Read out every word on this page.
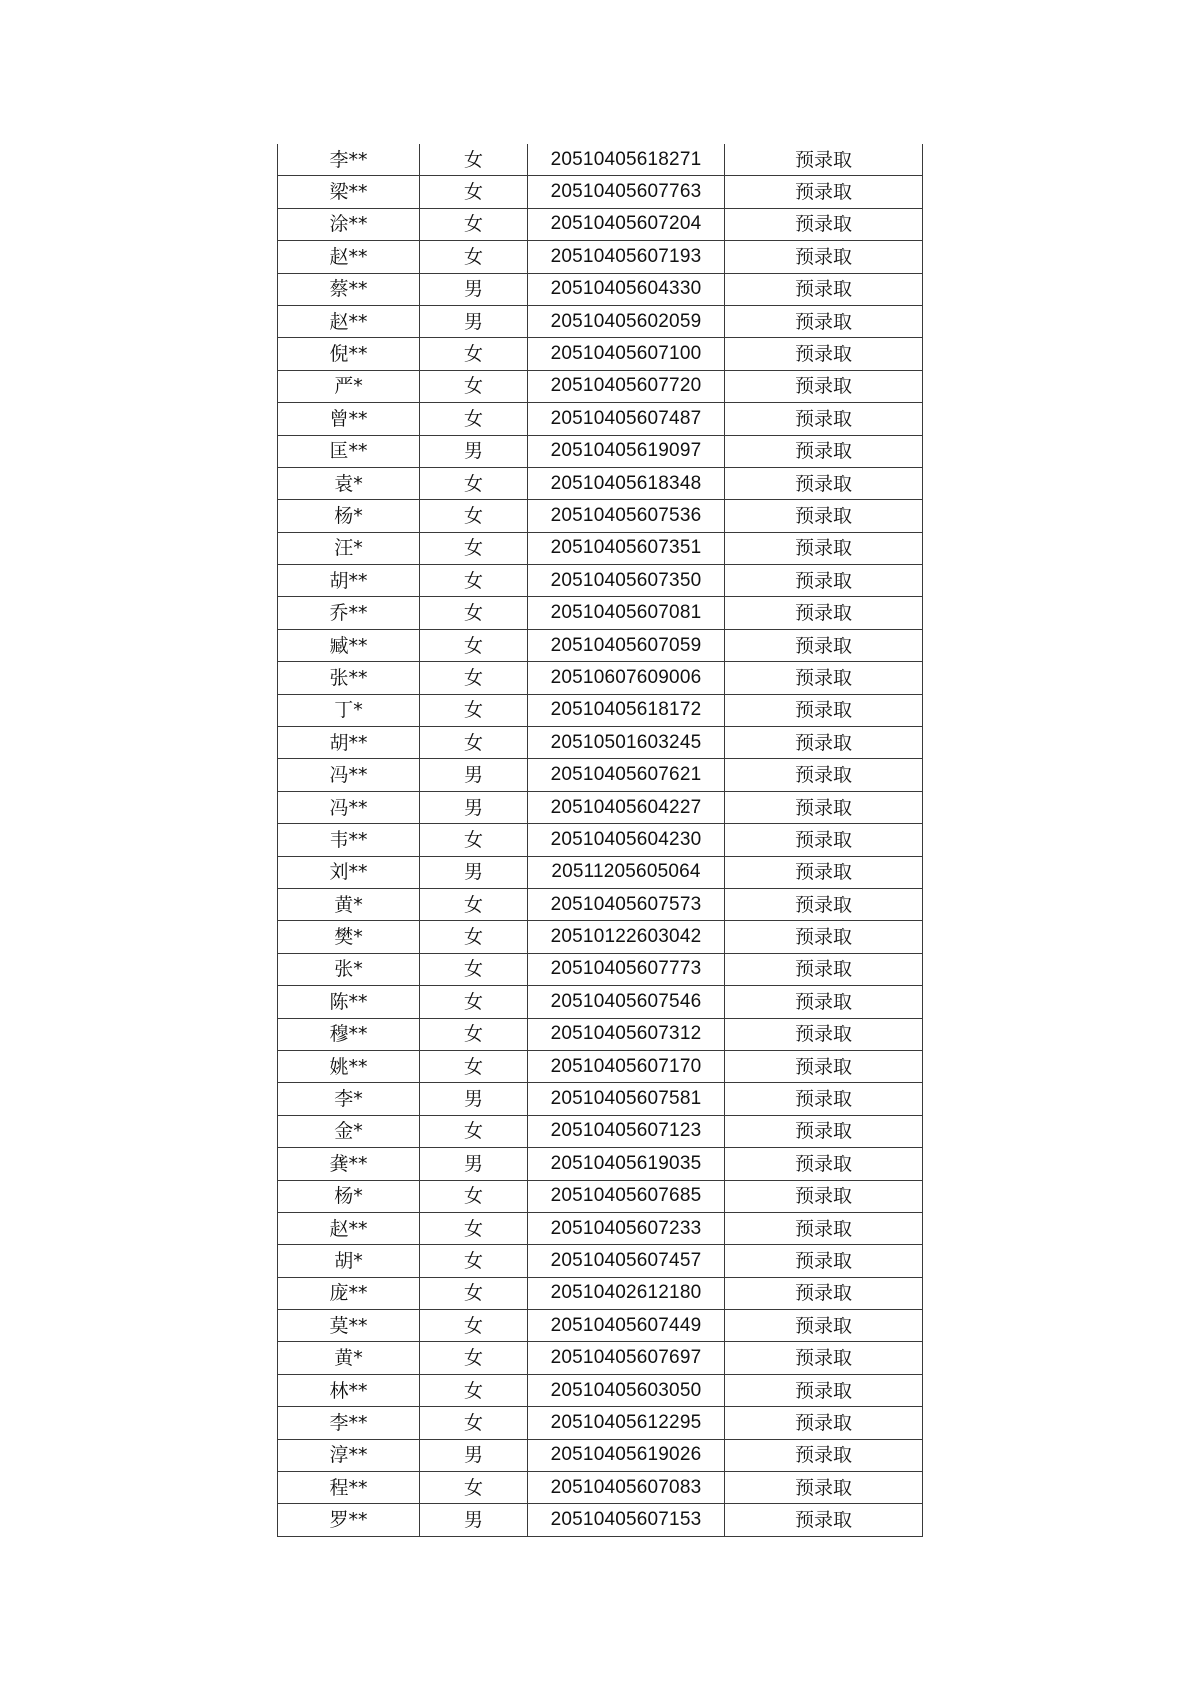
李**	女	20510405618271	预录取
梁**	女	20510405607763	预录取
涂**	女	20510405607204	预录取
赵**	女	20510405607193	预录取
蔡**	男	20510405604330	预录取
赵**	男	20510405602059	预录取
倪**	女	20510405607100	预录取
严*	女	20510405607720	预录取
曾**	女	20510405607487	预录取
匡**	男	20510405619097	预录取
袁*	女	20510405618348	预录取
杨*	女	20510405607536	预录取
汪*	女	20510405607351	预录取
胡**	女	20510405607350	预录取
乔**	女	20510405607081	预录取
臧**	女	20510405607059	预录取
张**	女	20510607609006	预录取
丁*	女	20510405618172	预录取
胡**	女	20510501603245	预录取
冯**	男	20510405607621	预录取
冯**	男	20510405604227	预录取
韦**	女	20510405604230	预录取
刘**	男	20511205605064	预录取
黄*	女	20510405607573	预录取
樊*	女	20510122603042	预录取
张*	女	20510405607773	预录取
陈**	女	20510405607546	预录取
穆**	女	20510405607312	预录取
姚**	女	20510405607170	预录取
李*	男	20510405607581	预录取
金*	女	20510405607123	预录取
龚**	男	20510405619035	预录取
杨*	女	20510405607685	预录取
赵**	女	20510405607233	预录取
胡*	女	20510405607457	预录取
庞**	女	20510402612180	预录取
莫**	女	20510405607449	预录取
黄*	女	20510405607697	预录取
林**	女	20510405603050	预录取
李**	女	20510405612295	预录取
淳**	男	20510405619026	预录取
程**	女	20510405607083	预录取
罗**	男	20510405607153	预录取
